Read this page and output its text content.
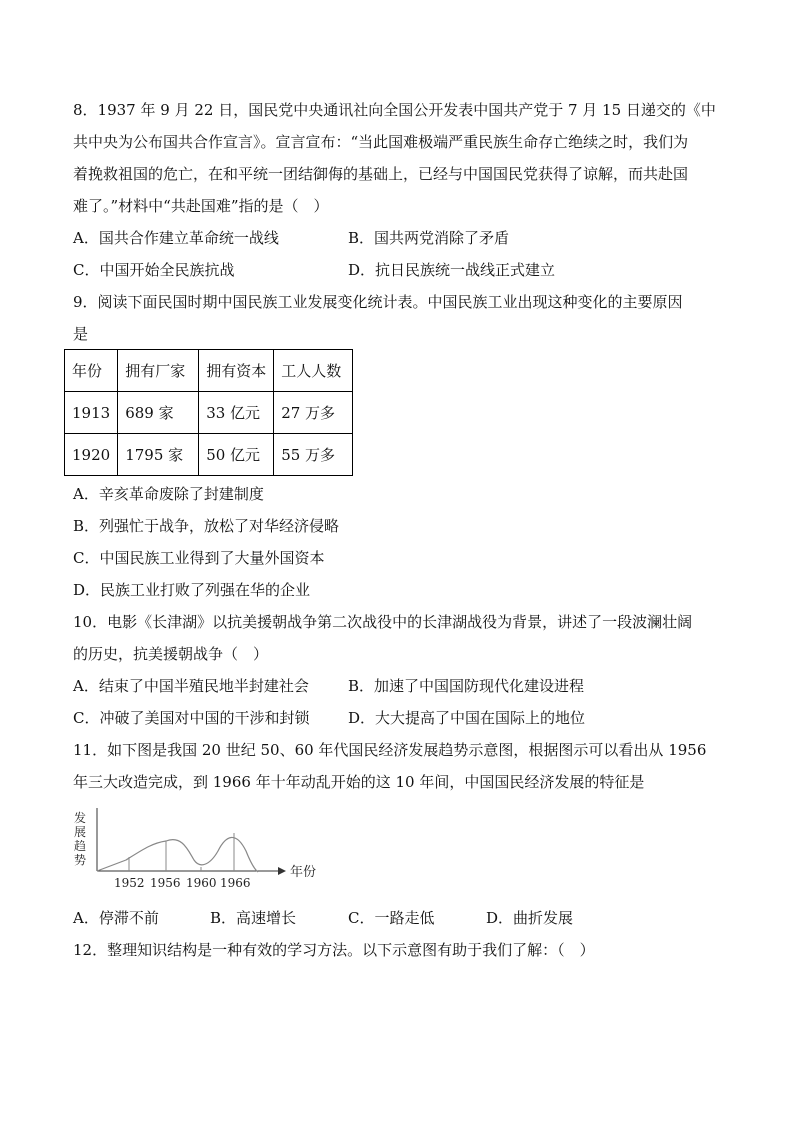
8．1937 年 9 月 22 日，国民党中央通讯社向全国公开发表中国共产党于 7 月 15 日递交的《中
共中央为公布国共合作宣言》。宣言宣布：“当此国难极端严重民族生命存亡绝续之时，我们为
着挽救祖国的危亡，在和平统一团结御侮的基础上，已经与中国国民党获得了谅解，而共赴国
难了。”材料中“共赴国难”指的是（　）
A．国共合作建立革命统一战线	B．国共两党消除了矛盾
C．中国开始全民族抗战	D．抗日民族统一战线正式建立
9．阅读下面民国时期中国民族工业发展变化统计表。中国民族工业出现这种变化的主要原因
是
年份	拥有厂家	拥有资本	工人人数
1913	689 家	33 亿元	27 万多
1920	1795 家	50 亿元	55 万多
A．辛亥革命废除了封建制度
B．列强忙于战争，放松了对华经济侵略
C．中国民族工业得到了大量外国资本
D．民族工业打败了列强在华的企业
10．电影《长津湖》以抗美援朝战争第二次战役中的长津湖战役为背景，讲述了一段波澜壮阔
的历史，抗美援朝战争（　）
A．结束了中国半殖民地半封建社会	B．加速了中国国防现代化建设进程
C．冲破了美国对中国的干涉和封锁	D．大大提高了中国在国际上的地位
11．如下图是我国 20 世纪 50、60 年代国民经济发展趋势示意图，根据图示可以看出从 1956
年三大改造完成，到 1966 年十年动乱开始的这 10 年间，中国国民经济发展的特征是
发
展
趋
势
年份
1952 1956 1960 1966
A．停滞不前	B．高速增长	C．一路走低	D．曲折发展
12．整理知识结构是一种有效的学习方法。以下示意图有助于我们了解：（　）
